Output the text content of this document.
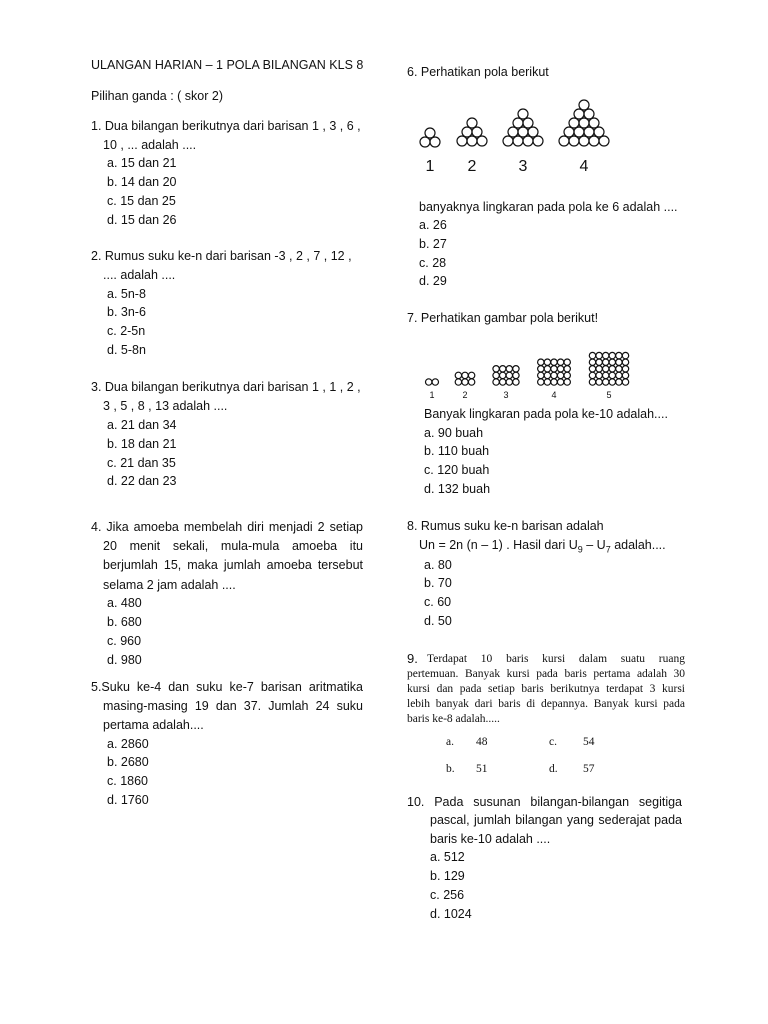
ULANGAN HARIAN – 1 POLA BILANGAN KLS 8
Pilihan ganda : ( skor 2)
1. Dua bilangan berikutnya dari barisan 1 , 3 , 6 ,
10 , ... adalah ....
a. 15 dan 21
b. 14 dan 20
c. 15 dan 25
d. 15 dan 26
2. Rumus suku ke-n dari barisan -3 , 2 , 7 , 12 ,
.... adalah ....
a. 5n-8
b. 3n-6
c. 2-5n
d. 5-8n
3. Dua bilangan berikutnya dari barisan 1 , 1 , 2 ,
3 , 5 , 8 , 13 adalah ....
a. 21 dan 34
b. 18 dan 21
c. 21 dan 35
d. 22 dan 23
4. Jika amoeba membelah diri menjadi 2 setiap
20 menit sekali, mula-mula amoeba itu
berjumlah 15, maka jumlah amoeba tersebut
selama 2 jam adalah ....
a. 480
b. 680
c. 960
d. 980
5.Suku ke-4 dan suku ke-7 barisan aritmatika
masing-masing 19 dan 37. Jumlah 24 suku
pertama adalah....
a. 2860
b. 2680
c. 1860
d. 1760
6. Perhatikan pola berikut
1 2	3	4
banyaknya lingkaran pada pola ke 6 adalah ....
a. 26
b. 27
c. 28
d. 29
7. Perhatikan gambar pola berikut!
1	2	3	4	5
Banyak lingkaran pada pola ke-10 adalah....
a. 90 buah
b. 110 buah
c. 120 buah
d. 132 buah
8. Rumus suku ke-n barisan adalah
Un = 2n (n – 1) . Hasil dari $U_9 - U_7$ adalah....
a. 80
b. 70
c. 60
d. 50
9. Terdapat 10 baris kursi dalam suatu ruang
pertemuan. Banyak kursi pada baris pertama adalah 30
kursi dan pada setiap baris berikutnya terdapat 3 kursi
lebih banyak dari baris di depannya. Banyak kursi pada
baris ke-8 adalah.....
a. 48	c. 54
b. 51	d. 57
10. Pada susunan bilangan-bilangan segitiga
pascal, jumlah bilangan yang sederajat pada
baris ke-10 adalah ....
a. 512
b. 129
c. 256
d. 1024
